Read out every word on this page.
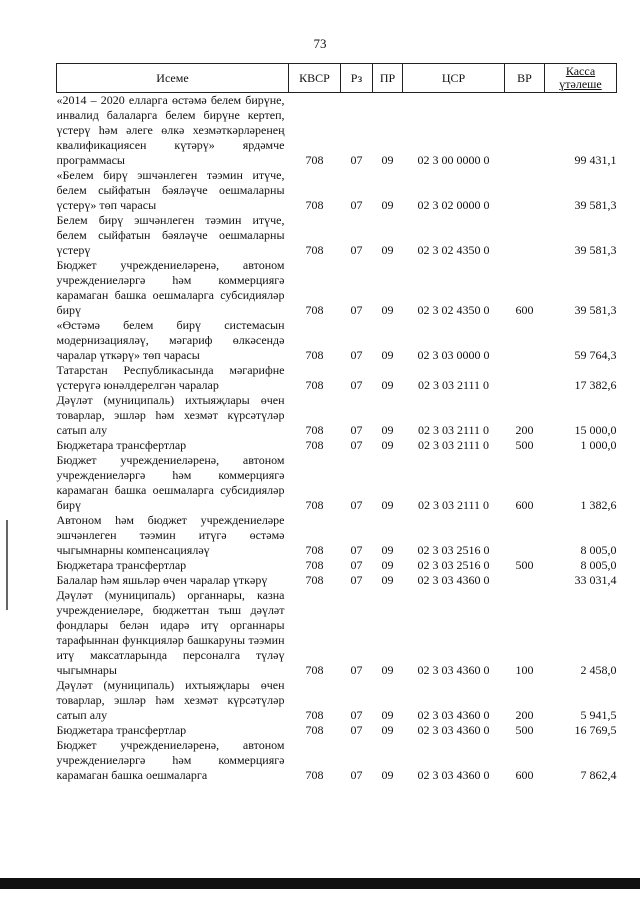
73
Исеме	КВСР	Рз	ПР	ЦСР	ВР	Касса үтәлеше
«2014 – 2020 елларга өстәмә белем бирүне, инвалид балаларга белем бирүне кертеп, үстерү һәм әлеге өлкә хезмәткәрләренең квалификациясен күтәрү» ярдәмче программасы	708	07	09	02 3 00 0000 0		99 431,1
«Белем бирү эшчәнлеген тәэмин итүче, белем сыйфатын бәяләүче оешмаларны үстерү» төп чарасы	708	07	09	02 3 02 0000 0		39 581,3
Белем бирү эшчәнлеген тәэмин итүче, белем сыйфатын бәяләүче оешмаларны үстерү	708	07	09	02 3 02 4350 0		39 581,3
Бюджет учреждениеләренә, автоном учреждениеләргә һәм коммерциягә карамаган башка оешмаларга субсидияләр бирү	708	07	09	02 3 02 4350 0	600	39 581,3
«Өстәмә белем бирү системасын модернизацияләү, мәгариф өлкәсендә чаралар үткәрү» төп чарасы	708	07	09	02 3 03 0000 0		59 764,3
Татарстан Республикасында мәгарифне үстерүгә юнәлдерелгән чаралар	708	07	09	02 3 03 2111 0		17 382,6
Дәүләт (муниципаль) ихтыяҗлары өчен товарлар, эшләр һәм хезмәт күрсәтүләр сатып алу	708	07	09	02 3 03 2111 0	200	15 000,0
Бюджетара трансфертлар	708	07	09	02 3 03 2111 0	500	1 000,0
Бюджет учреждениеләренә, автоном учреждениеләргә һәм коммерциягә карамаган башка оешмаларга субсидияләр бирү	708	07	09	02 3 03 2111 0	600	1 382,6
Автоном һәм бюджет учреждениеләре эшчәнлеген тәэмин итүгә өстәмә чыгымнарны компенсацияләү	708	07	09	02 3 03 2516 0		8 005,0
Бюджетара трансфертлар	708	07	09	02 3 03 2516 0	500	8 005,0
Балалар һәм яшьләр өчен чаралар үткәрү	708	07	09	02 3 03 4360 0		33 031,4
Дәүләт (муниципаль) органнары, казна учреждениеләре, бюджеттан тыш дәүләт фондлары белән идарә итү органнары тарафыннан функцияләр башкаруны тәэмин итү максатларында персоналга түләү чыгымнары	708	07	09	02 3 03 4360 0	100	2 458,0
Дәүләт (муниципаль) ихтыяҗлары өчен товарлар, эшләр һәм хезмәт күрсәтүләр сатып алу	708	07	09	02 3 03 4360 0	200	5 941,5
Бюджетара трансфертлар	708	07	09	02 3 03 4360 0	500	16 769,5
Бюджет учреждениеләренә, автоном учреждениеләргә һәм коммерциягә карамаган башка оешмаларга	708	07	09	02 3 03 4360 0	600	7 862,4
